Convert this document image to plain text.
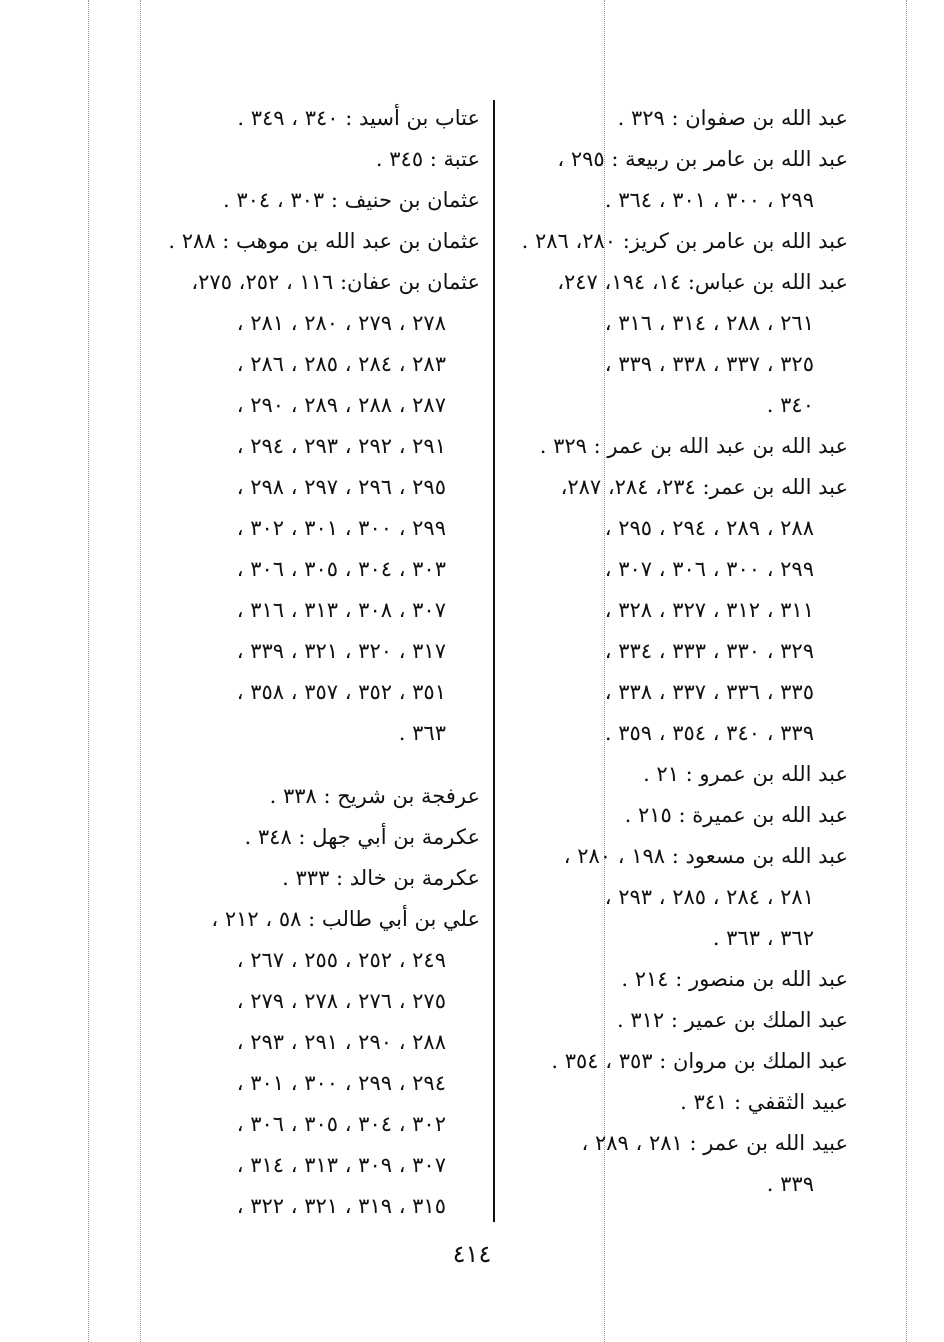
عبد الله بن صفوان : ٣٢٩ .
عبد الله بن عامر بن ربيعة : ٢٩٥ ،
٢٩٩ ، ٣٠٠ ، ٣٠١ ، ٣٦٤ .
عبد الله بن عامر بن كريز: ٢٨٠، ٢٨٦ .
عبد الله بن عباس: ١٤، ١٩٤، ٢٤٧،
٢٦١ ، ٢٨٨ ، ٣١٤ ، ٣١٦ ،
٣٢٥ ، ٣٣٧ ، ٣٣٨ ، ٣٣٩ ،
٣٤٠ .
عبد الله بن عبد الله بن عمر : ٣٢٩ .
عبد الله بن عمر: ٢٣٤، ٢٨٤، ٢٨٧،
٢٨٨ ، ٢٨٩ ، ٢٩٤ ، ٢٩٥ ،
٢٩٩ ، ٣٠٠ ، ٣٠٦ ، ٣٠٧ ،
٣١١ ، ٣١٢ ، ٣٢٧ ، ٣٢٨ ،
٣٢٩ ، ٣٣٠ ، ٣٣٣ ، ٣٣٤ ،
٣٣٥ ، ٣٣٦ ، ٣٣٧ ، ٣٣٨ ،
٣٣٩ ، ٣٤٠ ، ٣٥٤ ، ٣٥٩ .
عبد الله بن عمرو : ٢١ .
عبد الله بن عميرة : ٢١٥ .
عبد الله بن مسعود : ١٩٨ ، ٢٨٠ ،
٢٨١ ، ٢٨٤ ، ٢٨٥ ، ٢٩٣ ،
٣٦٢ ، ٣٦٣ .
عبد الله بن منصور : ٢١٤ .
عبد الملك بن عمير : ٣١٢ .
عبد الملك بن مروان : ٣٥٣ ، ٣٥٤ .
عبيد الثقفي : ٣٤١ .
عبيد الله بن عمر : ٢٨١ ، ٢٨٩ ،
٣٣٩ .
عتاب بن أسيد : ٣٤٠ ، ٣٤٩ .
عتبة : ٣٤٥ .
عثمان بن حنيف : ٣٠٣ ، ٣٠٤ .
عثمان بن عبد الله بن موهب : ٢٨٨ .
عثمان بن عفان: ١١٦ ، ٢٥٢، ٢٧٥،
٢٧٨ ، ٢٧٩ ، ٢٨٠ ، ٢٨١ ،
٢٨٣ ، ٢٨٤ ، ٢٨٥ ، ٢٨٦ ،
٢٨٧ ، ٢٨٨ ، ٢٨٩ ، ٢٩٠ ،
٢٩١ ، ٢٩٢ ، ٢٩٣ ، ٢٩٤ ،
٢٩٥ ، ٢٩٦ ، ٢٩٧ ، ٢٩٨ ،
٢٩٩ ، ٣٠٠ ، ٣٠١ ، ٣٠٢ ،
٣٠٣ ، ٣٠٤ ، ٣٠٥ ، ٣٠٦ ،
٣٠٧ ، ٣٠٨ ، ٣١٣ ، ٣١٦ ،
٣١٧ ، ٣٢٠ ، ٣٢١ ، ٣٣٩ ،
٣٥١ ، ٣٥٢ ، ٣٥٧ ، ٣٥٨ ،
٣٦٣ .
عرفجة بن شريح : ٣٣٨ .
عكرمة بن أبي جهل : ٣٤٨ .
عكرمة بن خالد : ٣٣٣ .
علي بن أبي طالب : ٥٨ ، ٢١٢ ،
٢٤٩ ، ٢٥٢ ، ٢٥٥ ، ٢٦٧ ،
٢٧٥ ، ٢٧٦ ، ٢٧٨ ، ٢٧٩ ،
٢٨٨ ، ٢٩٠ ، ٢٩١ ، ٢٩٣ ،
٢٩٤ ، ٢٩٩ ، ٣٠٠ ، ٣٠١ ،
٣٠٢ ، ٣٠٤ ، ٣٠٥ ، ٣٠٦ ،
٣٠٧ ، ٣٠٩ ، ٣١٣ ، ٣١٤ ،
٣١٥ ، ٣١٩ ، ٣٢١ ، ٣٢٢ ،
٤١٤
